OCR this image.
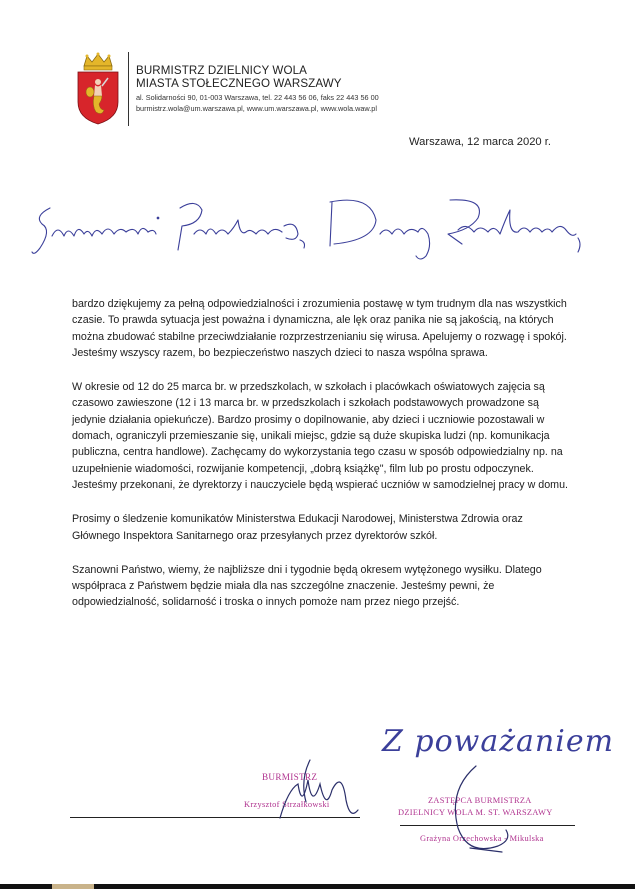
BURMISTRZ DZIELNICY WOLA
MIASTA STOŁECZNEGO WARSZAWY
al. Solidarności 90, 01-003 Warszawa, tel. 22 443 56 06, faks 22 443 56 00
burmistrz.wola@um.warszawa.pl, www.um.warszawa.pl, www.wola.waw.pl
Warszawa, 12 marca 2020 r.

bardzo dziękujemy za pełną odpowiedzialności i zrozumienia postawę w tym trudnym dla nas wszystkich czasie. To prawda sytuacja jest poważna i dynamiczna, ale lęk oraz panika nie są jakością, na których można zbudować stabilne przeciwdziałanie rozprzestrzenianiu się wirusa. Apelujemy o rozwagę i spokój. Jesteśmy wszyscy razem, bo bezpieczeństwo naszych dzieci to nasza wspólna sprawa.

W okresie od 12 do 25 marca br. w przedszkolach, w szkołach i placówkach oświatowych zajęcia są czasowo zawieszone (12 i 13 marca br. w przedszkolach i szkołach podstawowych prowadzone są jedynie działania opiekuńcze). Bardzo prosimy o dopilnowanie, aby dzieci i uczniowie pozostawali w domach, ograniczyli przemieszanie się, unikali miejsc, gdzie są duże skupiska ludzi (np. komunikacja publiczna, centra handlowe). Zachęcamy do wykorzystania tego czasu w sposób odpowiedzialny np. na uzupełnienie wiadomości, rozwijanie kompetencji, „dobrą książkę", film lub po prostu odpoczynek. Jesteśmy przekonani, że dyrektorzy i nauczyciele będą wspierać uczniów w samodzielnej pracy w domu.

Prosimy o śledzenie komunikatów Ministerstwa Edukacji Narodowej, Ministerstwa Zdrowia oraz Głównego Inspektora Sanitarnego oraz przesyłanych przez dyrektorów szkół.

Szanowni Państwo, wiemy, że najbliższe dni i tygodnie będą okresem wytężonego wysiłku. Dlatego współpraca z Państwem będzie miała dla nas szczególne znaczenie. Jesteśmy pewni, że odpowiedzialność, solidarność i troska o innych pomoże nam przez niego przejść.

BURMISTRZ
Krzysztof Strzałkowski
Z poważaniem
ZASTĘPCA BURMISTRZA
DZIELNICY WOLA M. ST. WARSZAWY
Grażyna Orzechowska - Mikulska
